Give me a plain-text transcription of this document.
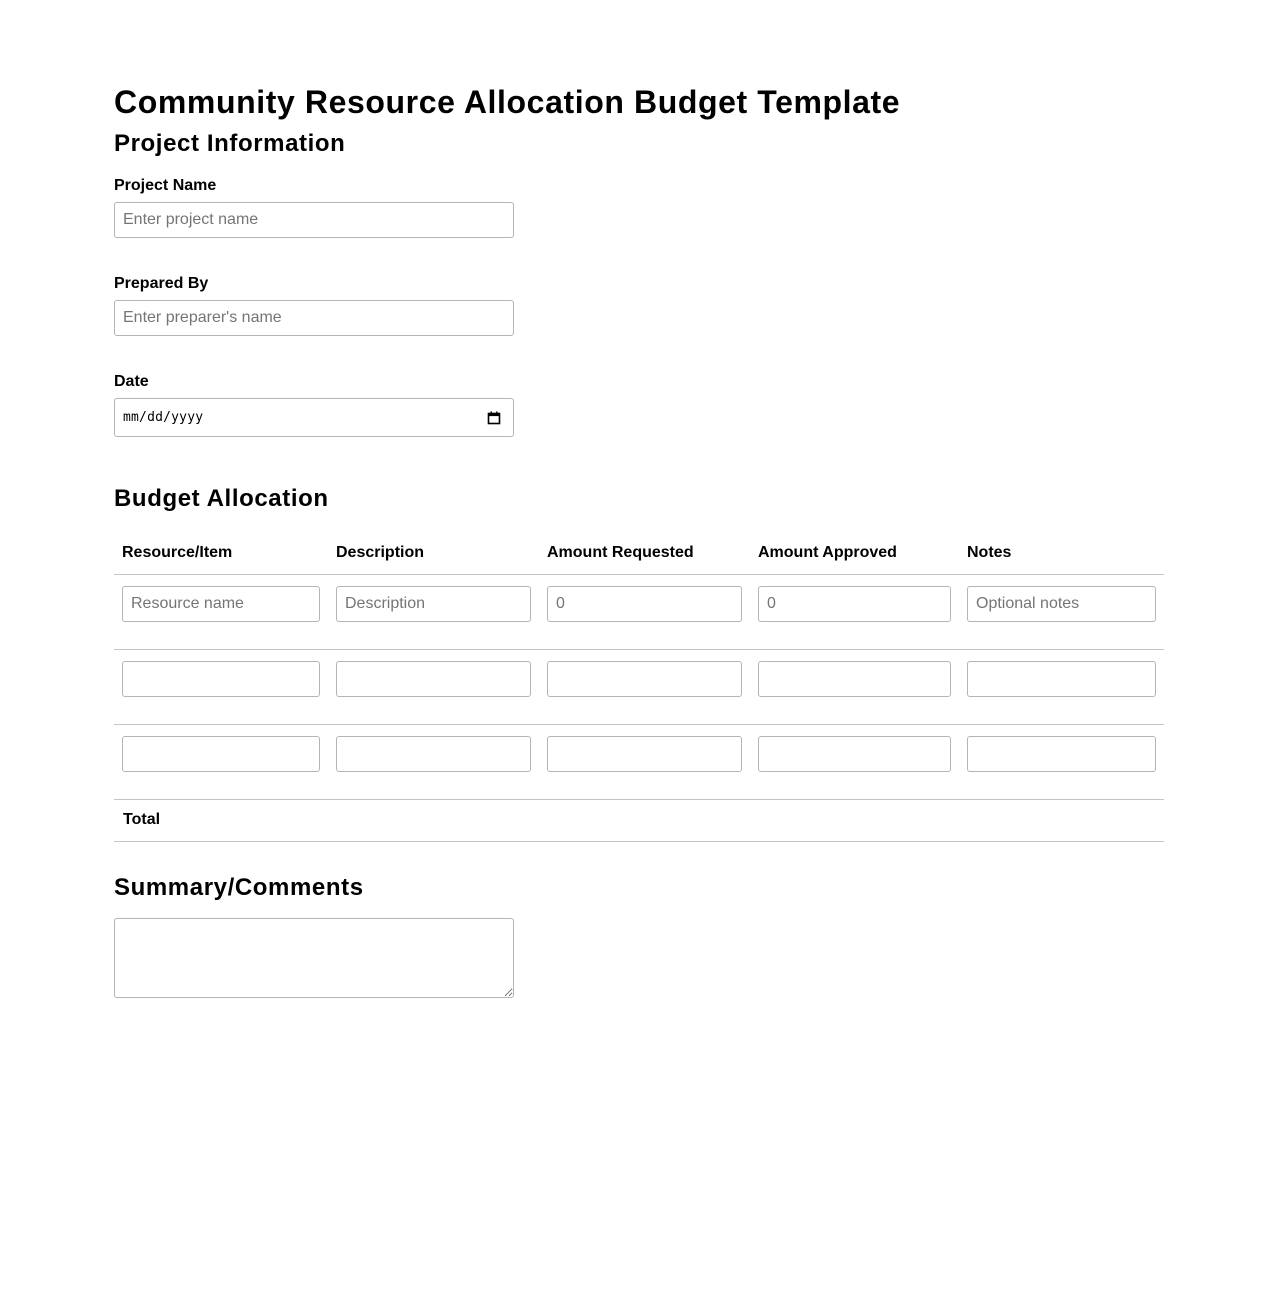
Community Resource Allocation Budget Template
Project Information
Project Name
Enter project name
Prepared By
Enter preparer's name
Date
mm/dd/yyyy
Budget Allocation
Resource/Item	Description	Amount Requested	Amount Approved	Notes
Resource name	Description	0	0	Optional notes

Total				
Summary/Comments
